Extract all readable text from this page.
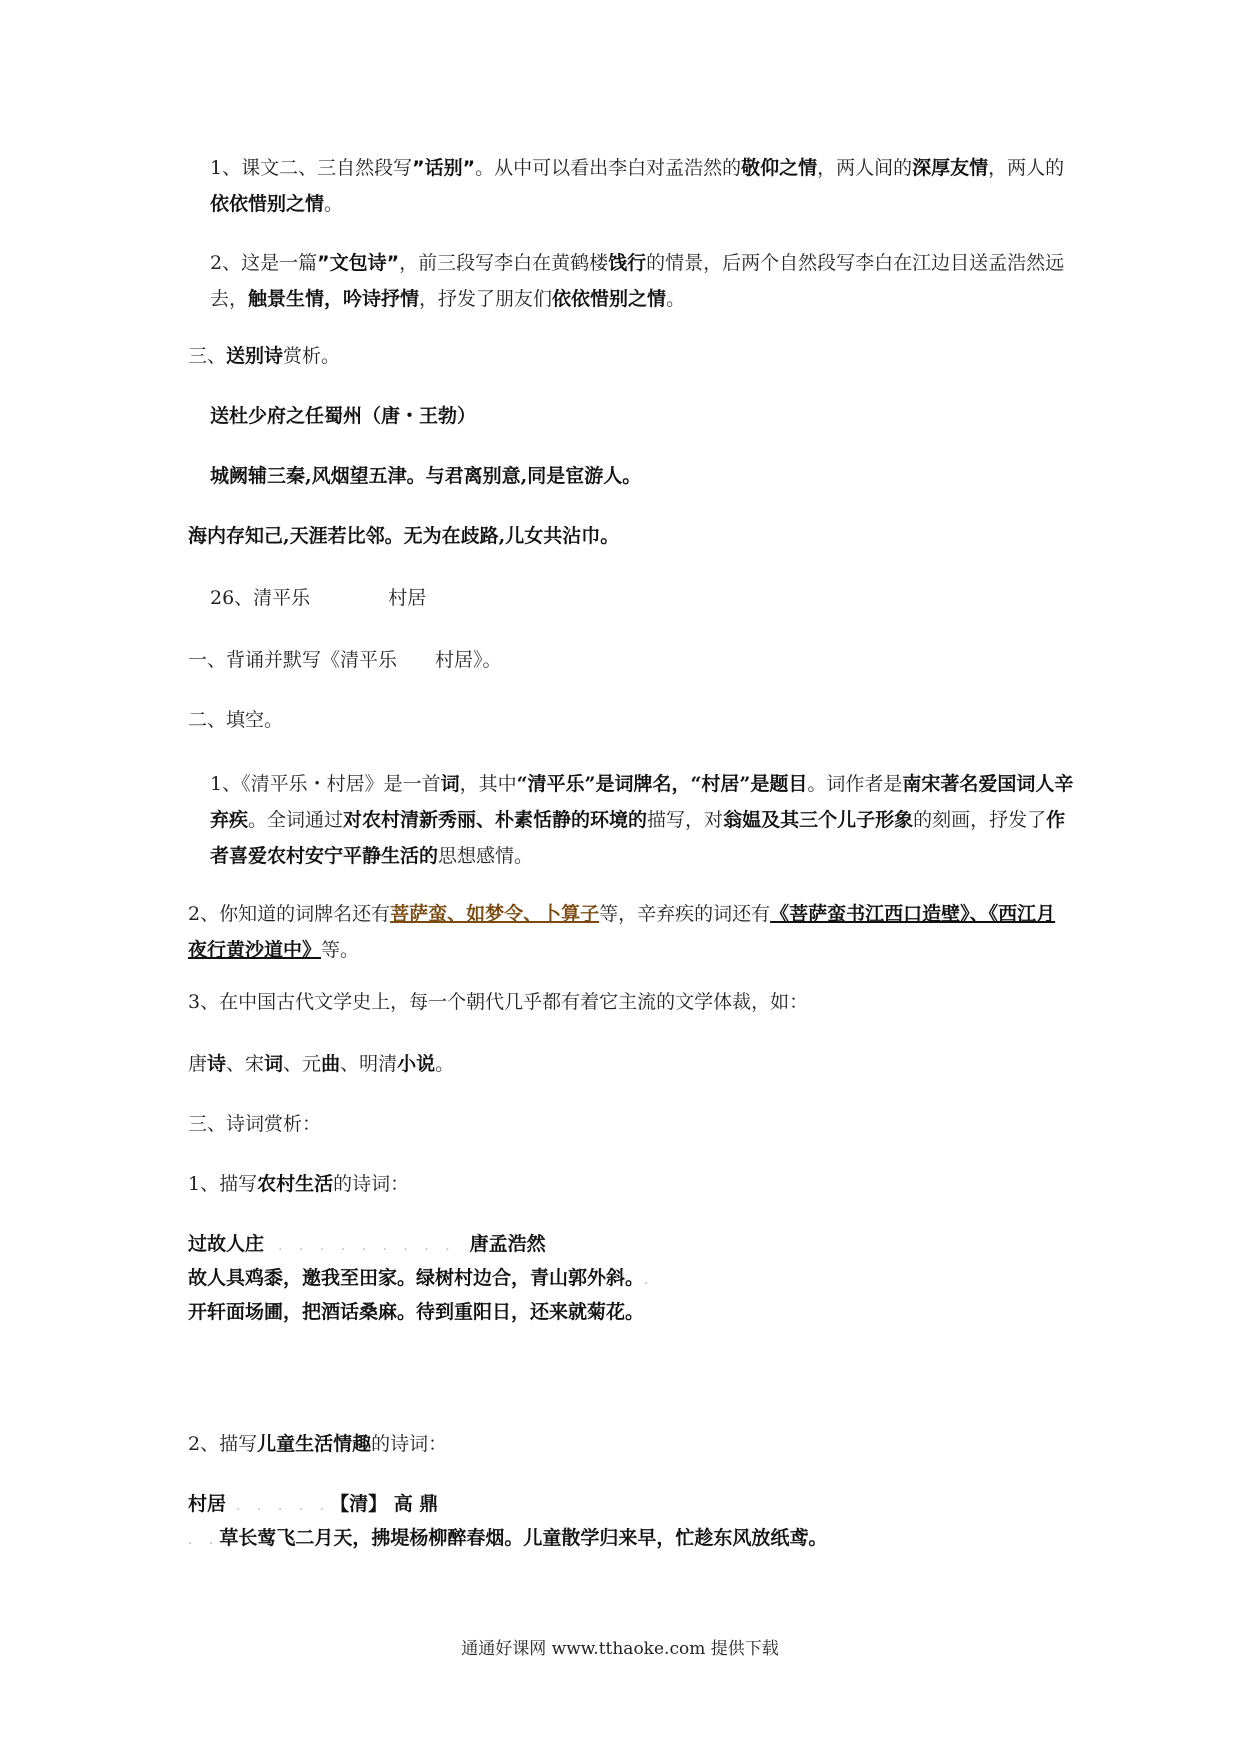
1、课文二、三自然段写”话别”。从中可以看出李白对孟浩然的敬仰之情，两人间的深厚友情，两人的依依惜别之情。
2、这是一篇”文包诗”，前三段写李白在黄鹤楼饯行的情景，后两个自然段写李白在江边目送孟浩然远去，触景生情，吟诗抒情，抒发了朋友们依依惜别之情。
三、送别诗赏析。
送杜少府之任蜀州（唐・王勃）
城阙辅三秦,风烟望五津。与君离别意,同是宦游人。
海内存知己,天涯若比邻。无为在歧路,儿女共沾巾。
26、清平乐	村居
一、背诵并默写《清平乐　　村居》。
二、填空。
1、《清平乐・村居》是一首词，其中“清平乐”是词牌名，“村居”是题目。词作者是南宋著名爱国词人辛弃疾。全词通过对农村清新秀丽、朴素恬静的环境的描写，对翁媪及其三个儿子形象的刻画，抒发了作者喜爱农村安宁平静生活的思想感情。
2、你知道的词牌名还有菩萨蛮、如梦令、卜算子等，辛弃疾的词还有《菩萨蛮书江西口造壁》、《西江月夜行黄沙道中》等。
3、在中国古代文学史上，每一个朝代几乎都有着它主流的文学体裁，如：
唐诗、宋词、元曲、明清小说。
三、诗词赏析：
1、描写农村生活的诗词：
过故人庄 . . . . . . . . . 唐孟浩然
故人具鸡黍，邀我至田家。绿树村边合，青山郭外斜。.
开轩面场圃，把酒话桑麻。待到重阳日，还来就菊花。
2、描写儿童生活情趣的诗词：
村居 . . . . .【清】 高 鼎
. .草长莺飞二月天，拂堤杨柳醉春烟。儿童散学归来早，忙趁东风放纸鸢。
通通好课网 www.tthaoke.com 提供下载
